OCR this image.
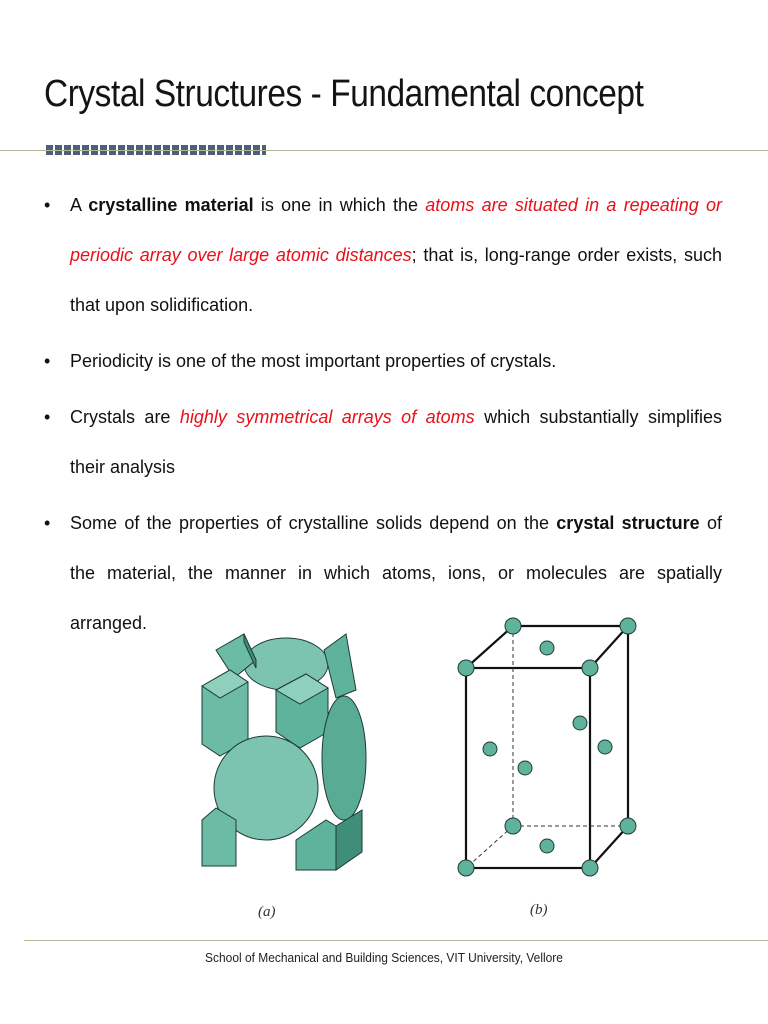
Crystal Structures - Fundamental concept
• A crystalline material is one in which the atoms are situated in a repeating or periodic array over large atomic distances; that is, long-range order exists, such that upon solidification.
• Periodicity is one of the most important properties of crystals.
• Crystals are highly symmetrical arrays of atoms which substantially simplifies their analysis
• Some of the properties of crystalline solids depend on the crystal structure of the material, the manner in which atoms, ions, or molecules are spatially arranged.
(a)	(b)
School of Mechanical and Building Sciences, VIT University, Vellore
